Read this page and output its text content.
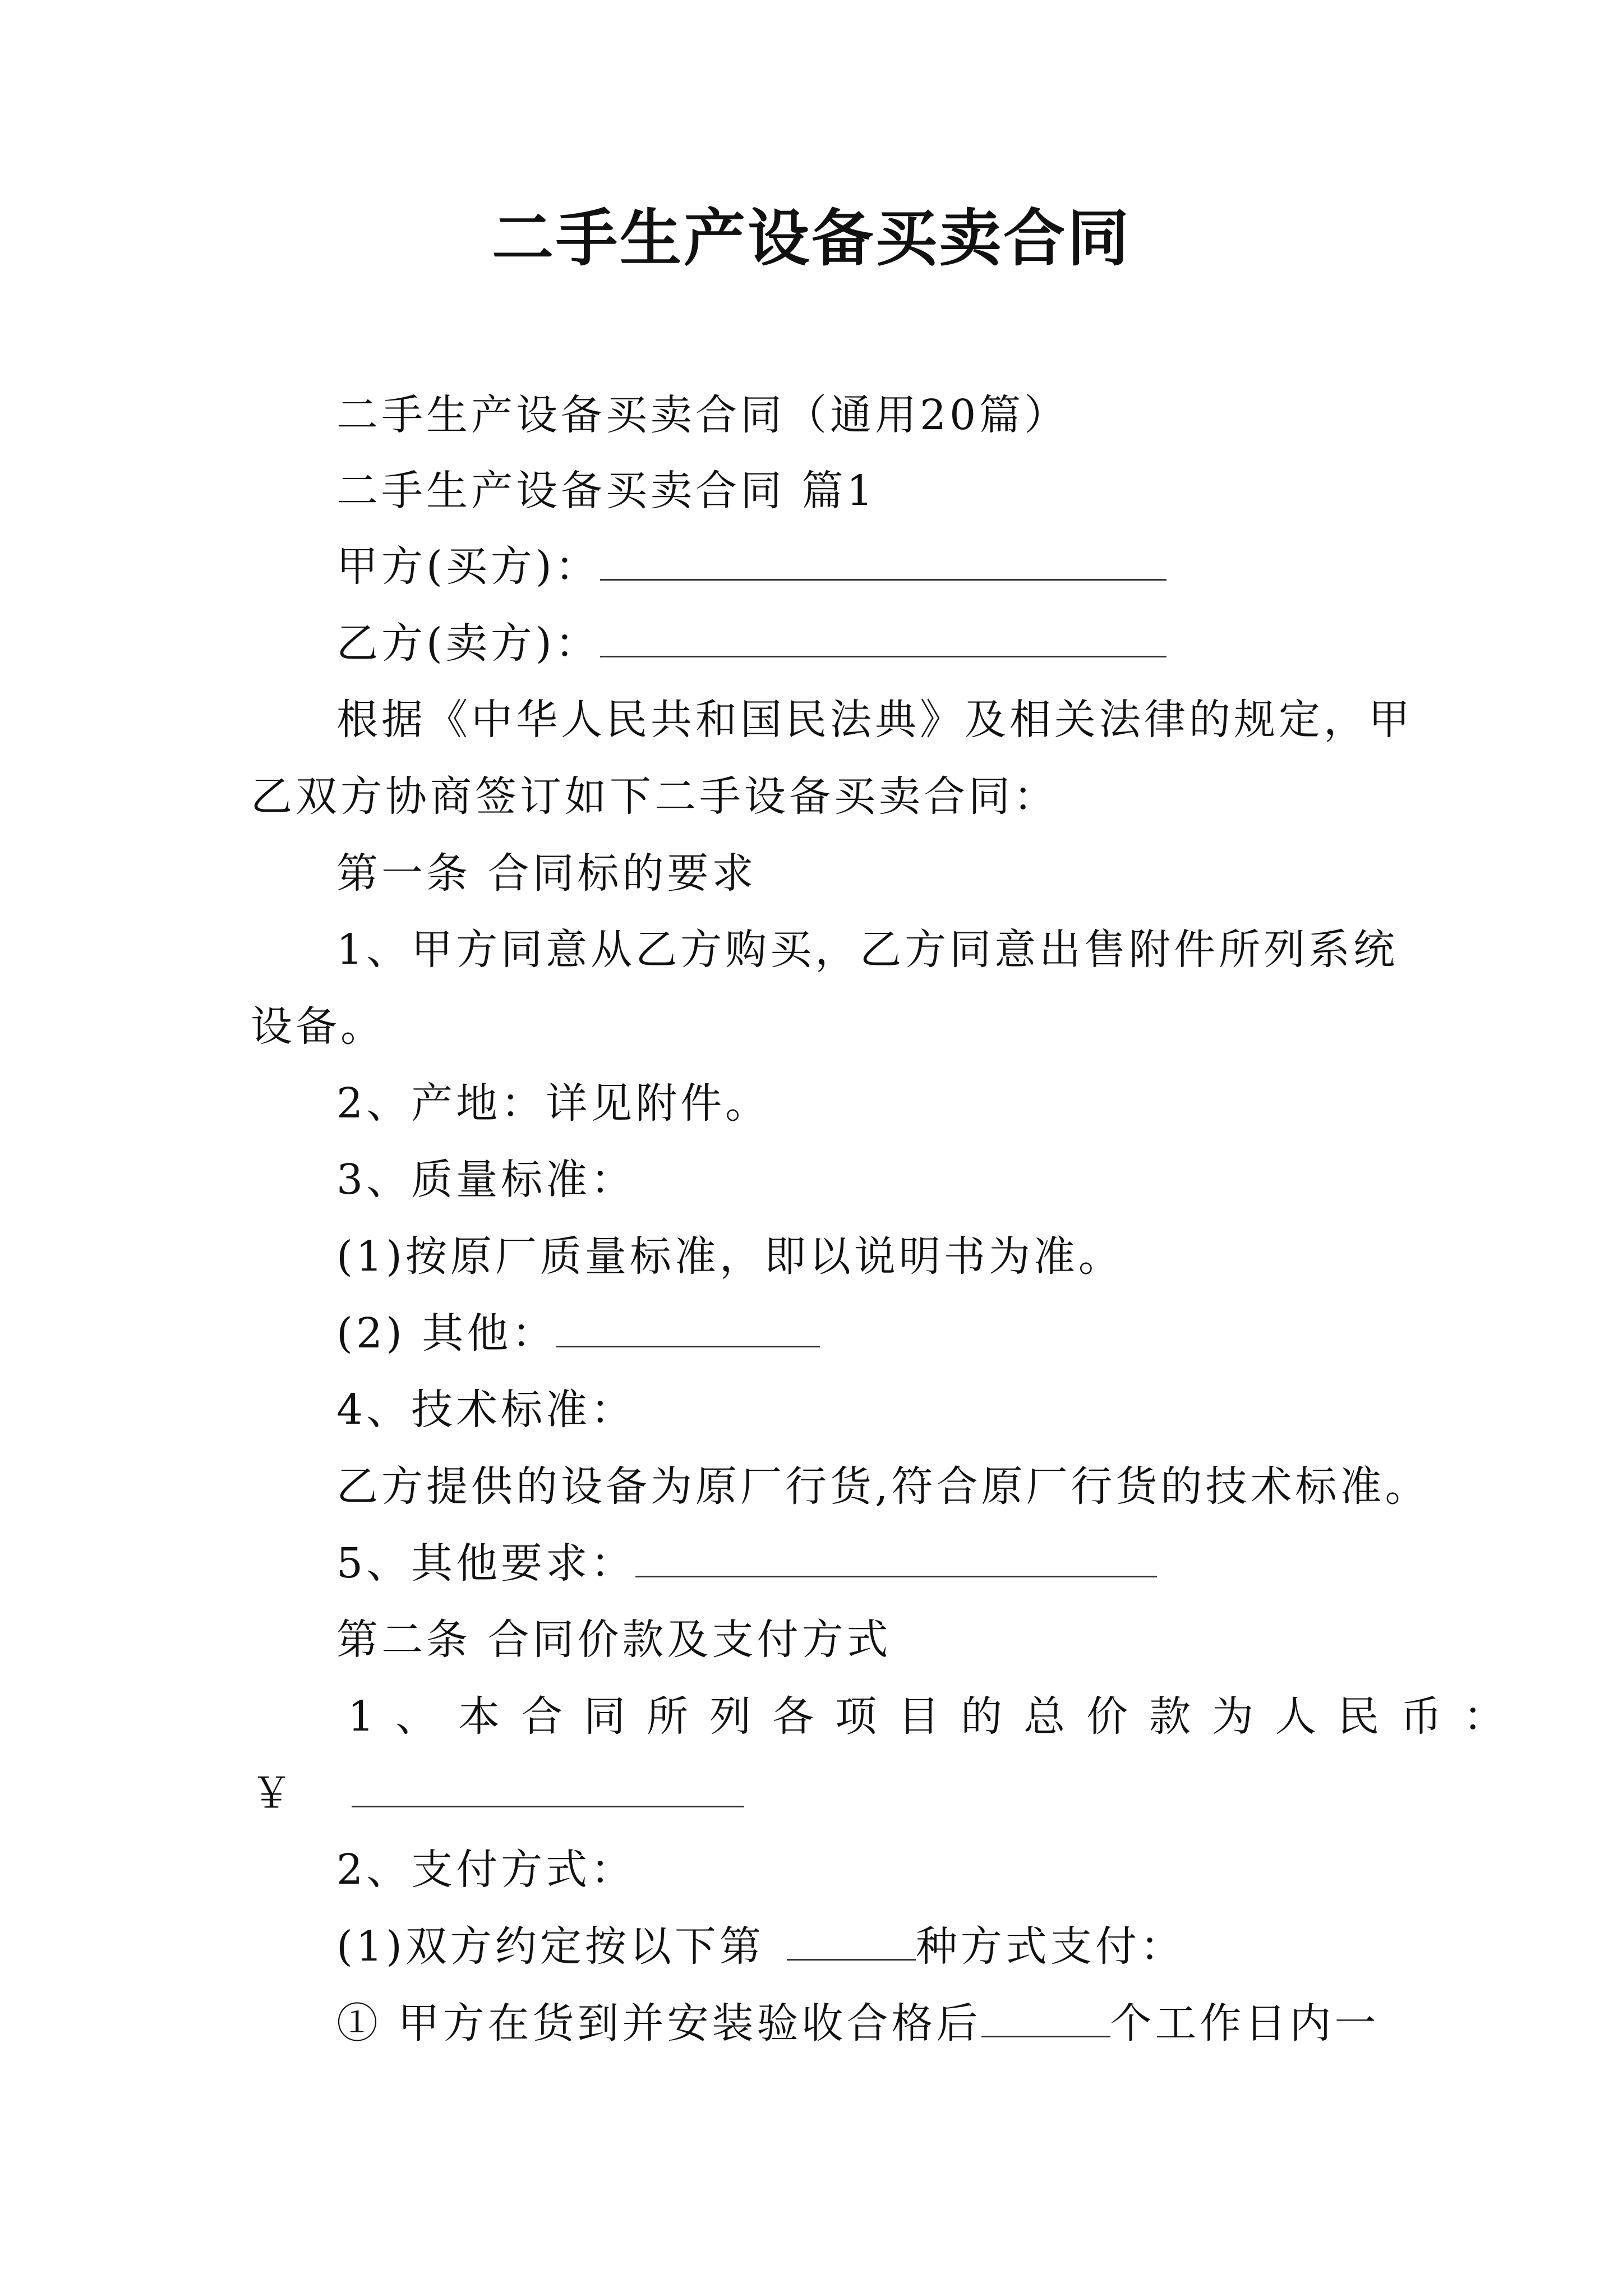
二手生产设备买卖合同
二手生产设备买卖合同（通用20篇）
二手生产设备买卖合同 篇1
甲方(买方)：
乙方(卖方)：
根据《中华人民共和国民法典》及相关法律的规定，甲
乙双方协商签订如下二手设备买卖合同：
第一条 合同标的要求
1、甲方同意从乙方购买，乙方同意出售附件所列系统
设备。
2、产地：详见附件。
3、质量标准：
(1)按原厂质量标准，即以说明书为准。
(2) 其他：
4、技术标准：
乙方提供的设备为原厂行货,符合原厂行货的技术标准。
5、其他要求：
第二条 合同价款及支付方式
1、本合同所列各项目的总价款为人民币：
￥
2、支付方式：
(1)双方约定按以下第	种方式支付：
① 甲方在货到并安装验收合格后	个工作日内一
